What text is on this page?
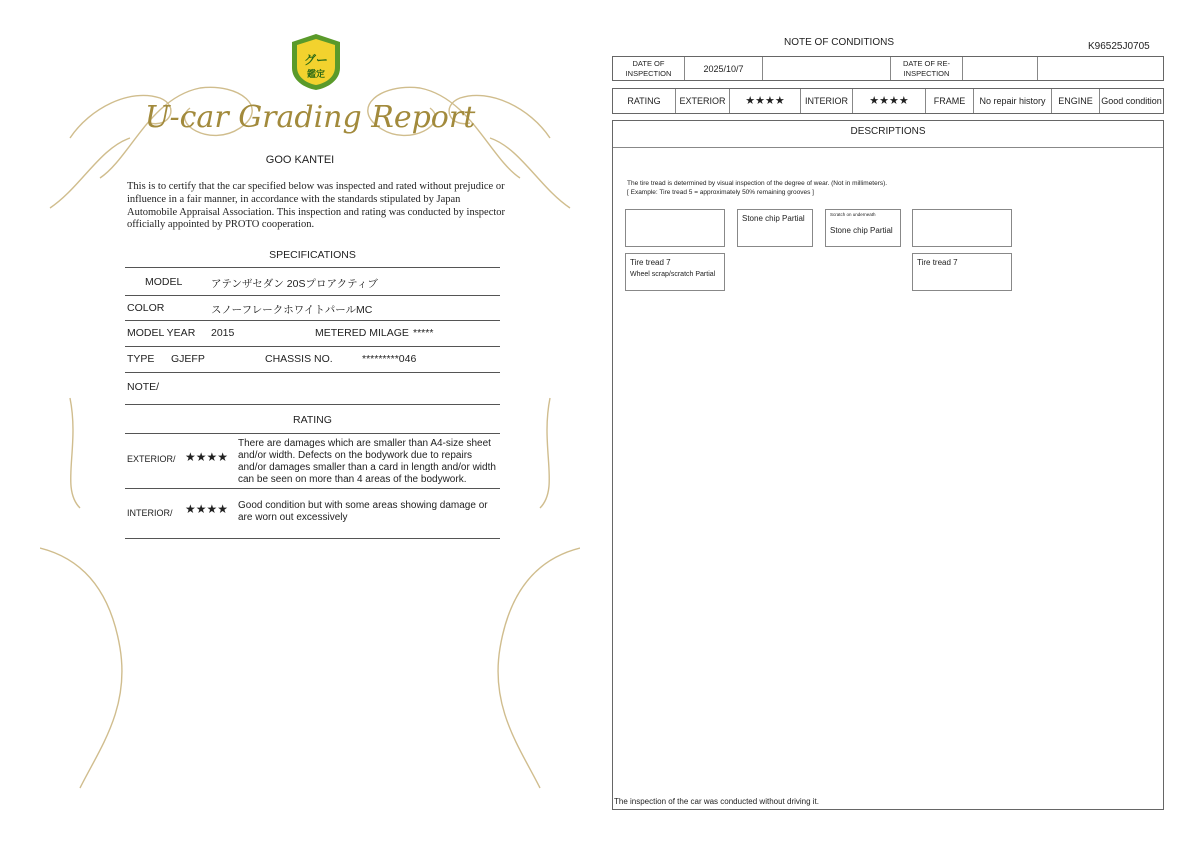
グー
鑑定
U-car Grading Report
GOO KANTEI
This is to certify that the car specified below was inspected and rated without prejudice or influence in a fair manner, in accordance with the standards stipulated by Japan Automobile Appraisal Association. This inspection and rating was conducted by inspector officially appointed by PROTO cooperation.
SPECIFICATIONS
MODEL	アテンザセダン 20Sプロアクティブ
COLOR	スノーフレークホワイトパールMC
MODEL YEAR 2015	METERED MILAGE *****
TYPE GJEFP	CHASSIS NO.	*********046
NOTE/
RATING
EXTERIOR/ ★★★★
There are damages which are smaller than A4-size sheet and/or width. Defects on the bodywork due to repairs and/or damages smaller than a card in length and/or width can be seen on more than 4 areas of the bodywork.
INTERIOR/ ★★★★ Good condition but with some areas showing damage or are worn out excessively
NOTE OF CONDITIONS	K96525J0705
DATE OF INSPECTION	2025/10/7
DATE OF RE-INSPECTION
RATING	EXTERIOR	★★★★	INTERIOR	★★★★	FRAME	No repair history	ENGINE Good condition
DESCRIPTIONS
The tire tread is determined by visual inspection of the degree of wear. (Not in millimeters).
[ Example: Tire tread 5 = approximately 50% remaining grooves ]
Stone chip Partial	Scratch on underneath
Stone chip Partial
Tire tread 7
Wheel scrap/scratch Partial
Tire tread 7
The inspection of the car was conducted without driving it.
